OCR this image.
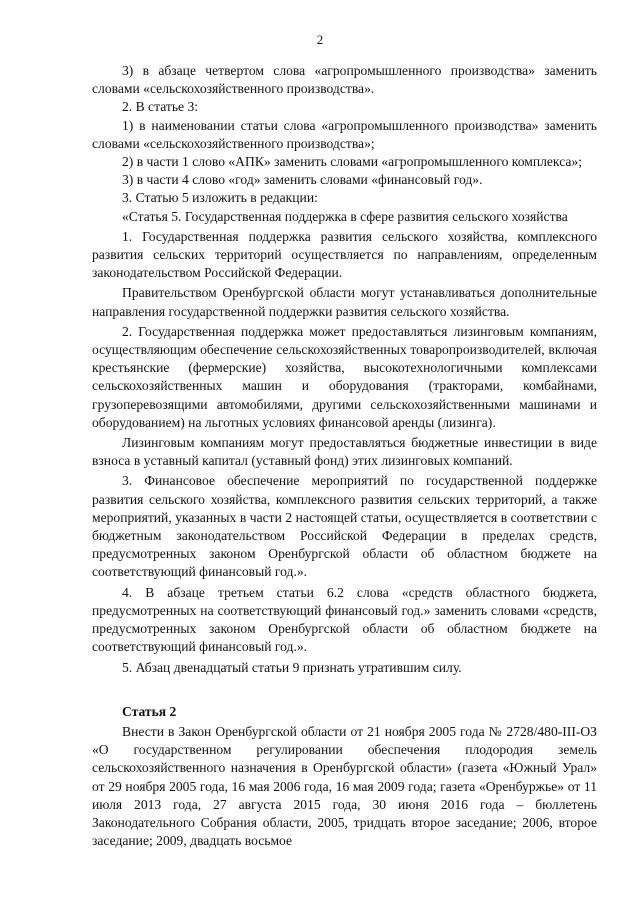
2

3) в абзаце четвертом слова «агропромышленного производства» заменить словами «сельскохозяйственного производства».

2. В статье 3:

1) в наименовании статьи слова «агропромышленного производства» заменить словами «сельскохозяйственного производства»;

2) в части 1 слово «АПК» заменить словами «агропромышленного комплекса»;

3) в части 4 слово «год» заменить словами «финансовый год».

3. Статью 5 изложить в редакции:

«Статья 5. Государственная поддержка в сфере развития сельского хозяйства

1. Государственная поддержка развития сельского хозяйства, комплексного развития сельских территорий осуществляется по направлениям, определенным законодательством Российской Федерации.

Правительством Оренбургской области могут устанавливаться дополнительные направления государственной поддержки развития сельского хозяйства.

2. Государственная поддержка может предоставляться лизинговым компаниям, осуществляющим обеспечение сельскохозяйственных товаропроизводителей, включая крестьянские (фермерские) хозяйства, высокотехнологичными комплексами сельскохозяйственных машин и оборудования (тракторами, комбайнами, грузоперевозящими автомобилями, другими сельскохозяйственными машинами и оборудованием) на льготных условиях финансовой аренды (лизинга).

Лизинговым компаниям могут предоставляться бюджетные инвестиции в виде взноса в уставный капитал (уставный фонд) этих лизинговых компаний.

3. Финансовое обеспечение мероприятий по государственной поддержке развития сельского хозяйства, комплексного развития сельских территорий, а также мероприятий, указанных в части 2 настоящей статьи, осуществляется в соответствии с бюджетным законодательством Российской Федерации в пределах средств, предусмотренных законом Оренбургской области об областном бюджете на соответствующий финансовый год.».

4. В абзаце третьем статьи 6.2 слова «средств областного бюджета, предусмотренных на соответствующий финансовый год.» заменить словами «средств, предусмотренных законом Оренбургской области об областном бюджете на соответствующий финансовый год.».

5. Абзац двенадцатый статьи 9 признать утратившим силу.

Статья 2

Внести в Закон Оренбургской области от 21 ноября 2005 года № 2728/480-III-ОЗ «О государственном регулировании обеспечения плодородия земель сельскохозяйственного назначения в Оренбургской области» (газета «Южный Урал» от 29 ноября 2005 года, 16 мая 2006 года, 16 мая 2009 года; газета «Оренбуржье» от 11 июля 2013 года, 27 августа 2015 года, 30 июня 2016 года – бюллетень Законодательного Собрания области, 2005, тридцать второе заседание; 2006, второе заседание; 2009, двадцать восьмое
